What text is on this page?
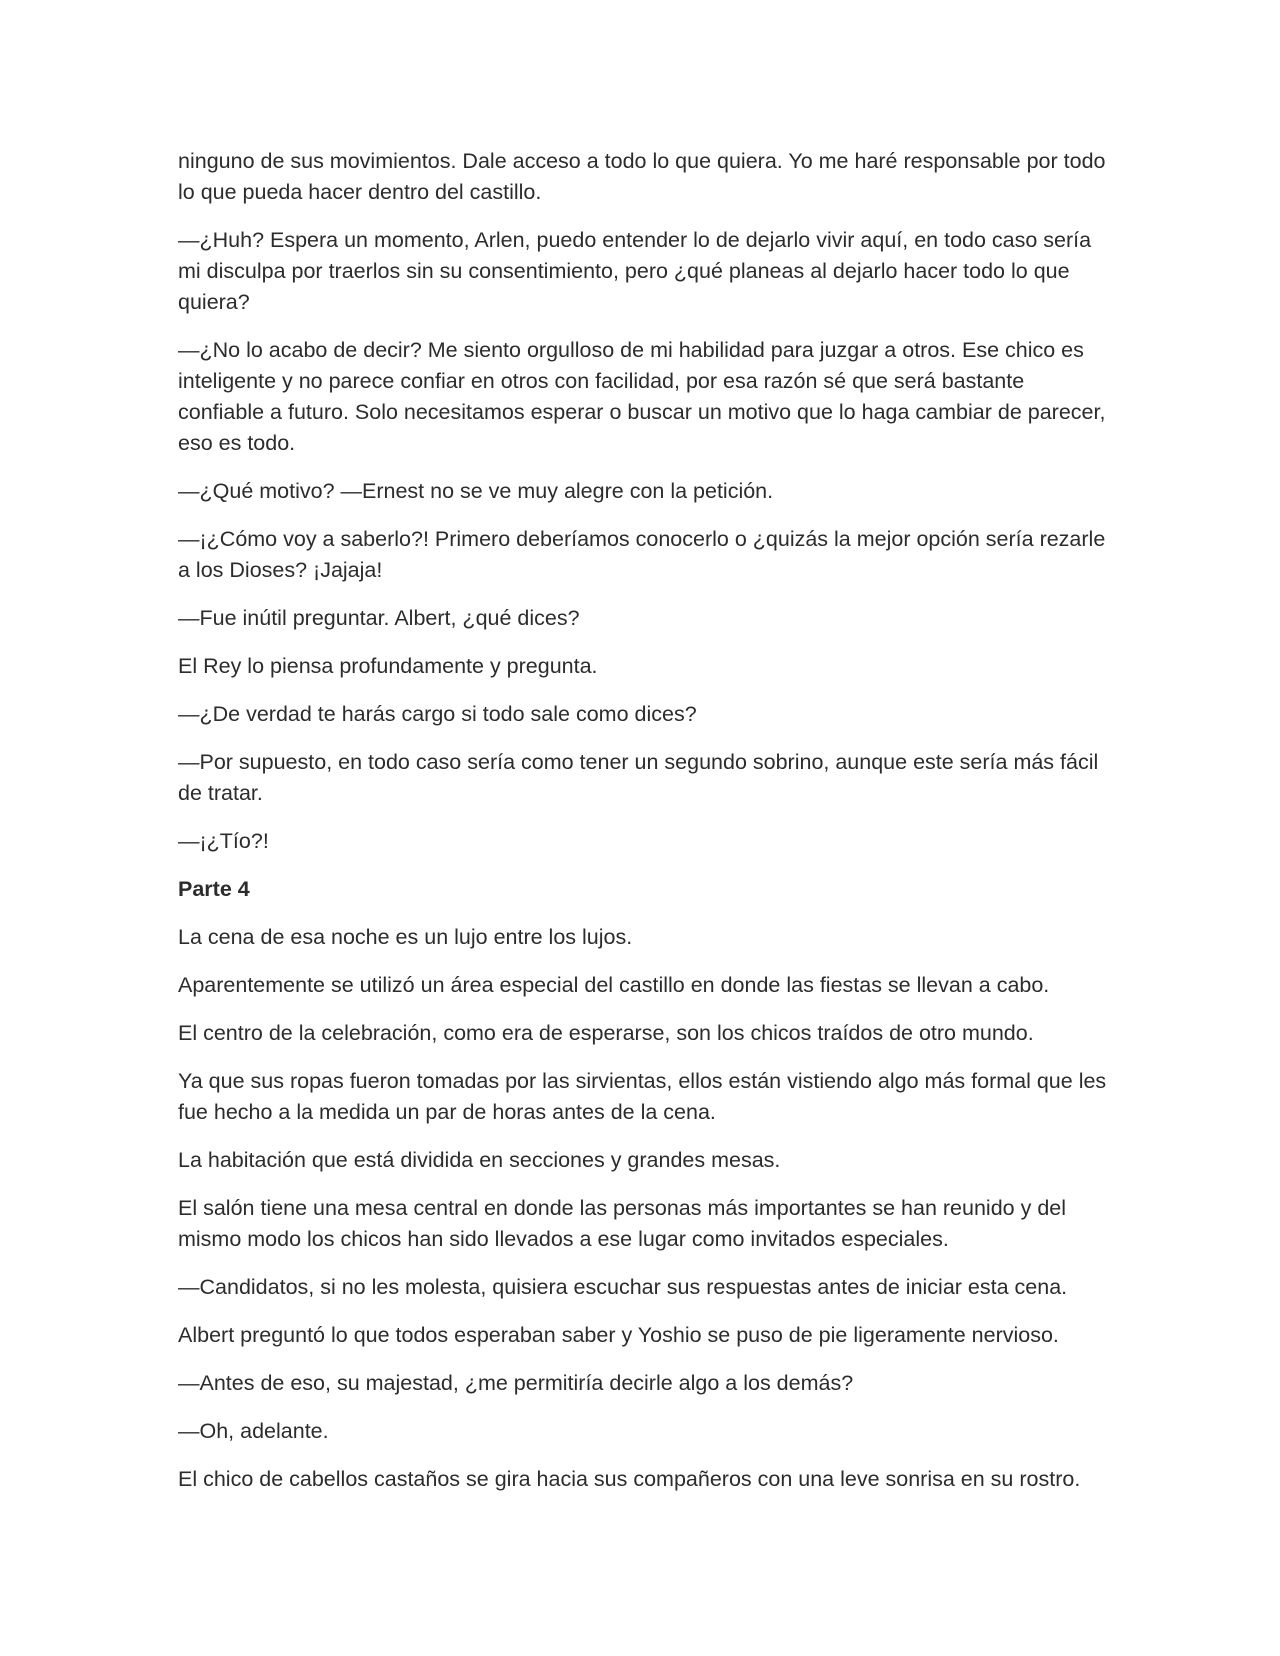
ninguno de sus movimientos. Dale acceso a todo lo que quiera. Yo me haré responsable por todo lo que pueda hacer dentro del castillo.

—¿Huh? Espera un momento, Arlen, puedo entender lo de dejarlo vivir aquí, en todo caso sería mi disculpa por traerlos sin su consentimiento, pero ¿qué planeas al dejarlo hacer todo lo que quiera?

—¿No lo acabo de decir? Me siento orgulloso de mi habilidad para juzgar a otros. Ese chico es inteligente y no parece confiar en otros con facilidad, por esa razón sé que será bastante confiable a futuro. Solo necesitamos esperar o buscar un motivo que lo haga cambiar de parecer, eso es todo.

—¿Qué motivo? —Ernest no se ve muy alegre con la petición.

—¡¿Cómo voy a saberlo?! Primero deberíamos conocerlo o ¿quizás la mejor opción sería rezarle a los Dioses? ¡Jajaja!

—Fue inútil preguntar. Albert, ¿qué dices?

El Rey lo piensa profundamente y pregunta.

—¿De verdad te harás cargo si todo sale como dices?

—Por supuesto, en todo caso sería como tener un segundo sobrino, aunque este sería más fácil de tratar.

—¡¿Tío?!

Parte 4

La cena de esa noche es un lujo entre los lujos.

Aparentemente se utilizó un área especial del castillo en donde las fiestas se llevan a cabo.

El centro de la celebración, como era de esperarse, son los chicos traídos de otro mundo.

Ya que sus ropas fueron tomadas por las sirvientas, ellos están vistiendo algo más formal que les fue hecho a la medida un par de horas antes de la cena.

La habitación que está dividida en secciones y grandes mesas.

El salón tiene una mesa central en donde las personas más importantes se han reunido y del mismo modo los chicos han sido llevados a ese lugar como invitados especiales.

—Candidatos, si no les molesta, quisiera escuchar sus respuestas antes de iniciar esta cena.

Albert preguntó lo que todos esperaban saber y Yoshio se puso de pie ligeramente nervioso.

—Antes de eso, su majestad, ¿me permitiría decirle algo a los demás?

—Oh, adelante.

El chico de cabellos castaños se gira hacia sus compañeros con una leve sonrisa en su rostro.
